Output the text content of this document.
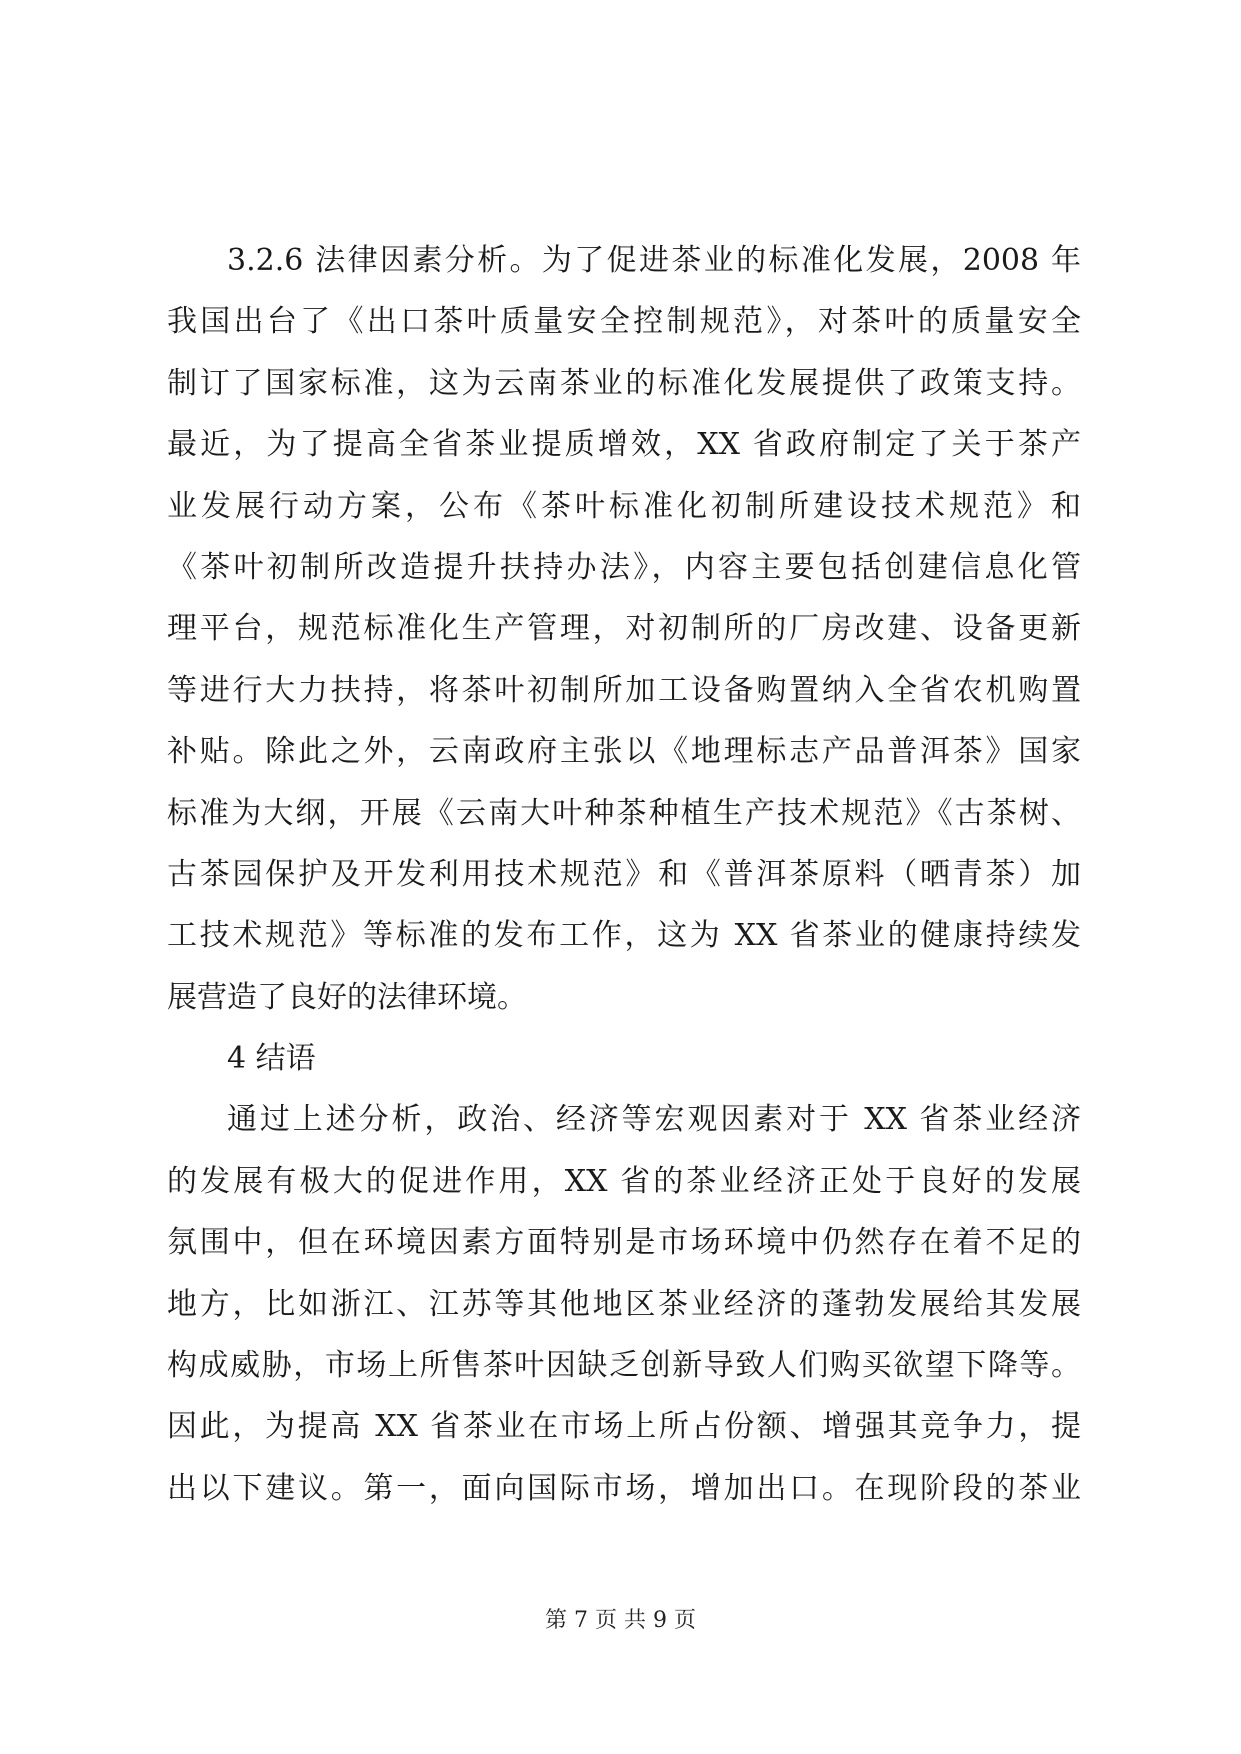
3.2.6 法律因素分析。为了促进茶业的标准化发展，2008 年
我国出台了《出口茶叶质量安全控制规范》，对茶叶的质量安全
制订了国家标准，这为云南茶业的标准化发展提供了政策支持。
最近，为了提高全省茶业提质增效，XX 省政府制定了关于茶产
业发展行动方案，公布《茶叶标准化初制所建设技术规范》和
《茶叶初制所改造提升扶持办法》，内容主要包括创建信息化管
理平台，规范标准化生产管理，对初制所的厂房改建、设备更新
等进行大力扶持，将茶叶初制所加工设备购置纳入全省农机购置
补贴。除此之外，云南政府主张以《地理标志产品普洱茶》国家
标准为大纲，开展《云南大叶种茶种植生产技术规范》《古茶树、
古茶园保护及开发利用技术规范》和《普洱茶原料（晒青茶）加
工技术规范》等标准的发布工作，这为 XX 省茶业的健康持续发
展营造了良好的法律环境。
4 结语
通过上述分析，政治、经济等宏观因素对于 XX 省茶业经济
的发展有极大的促进作用，XX 省的茶业经济正处于良好的发展
氛围中，但在环境因素方面特别是市场环境中仍然存在着不足的
地方，比如浙江、江苏等其他地区茶业经济的蓬勃发展给其发展
构成威胁，市场上所售茶叶因缺乏创新导致人们购买欲望下降等。
因此，为提高 XX 省茶业在市场上所占份额、增强其竞争力，提
出以下建议。第一，面向国际市场，增加出口。在现阶段的茶业
第 7 页 共 9 页
